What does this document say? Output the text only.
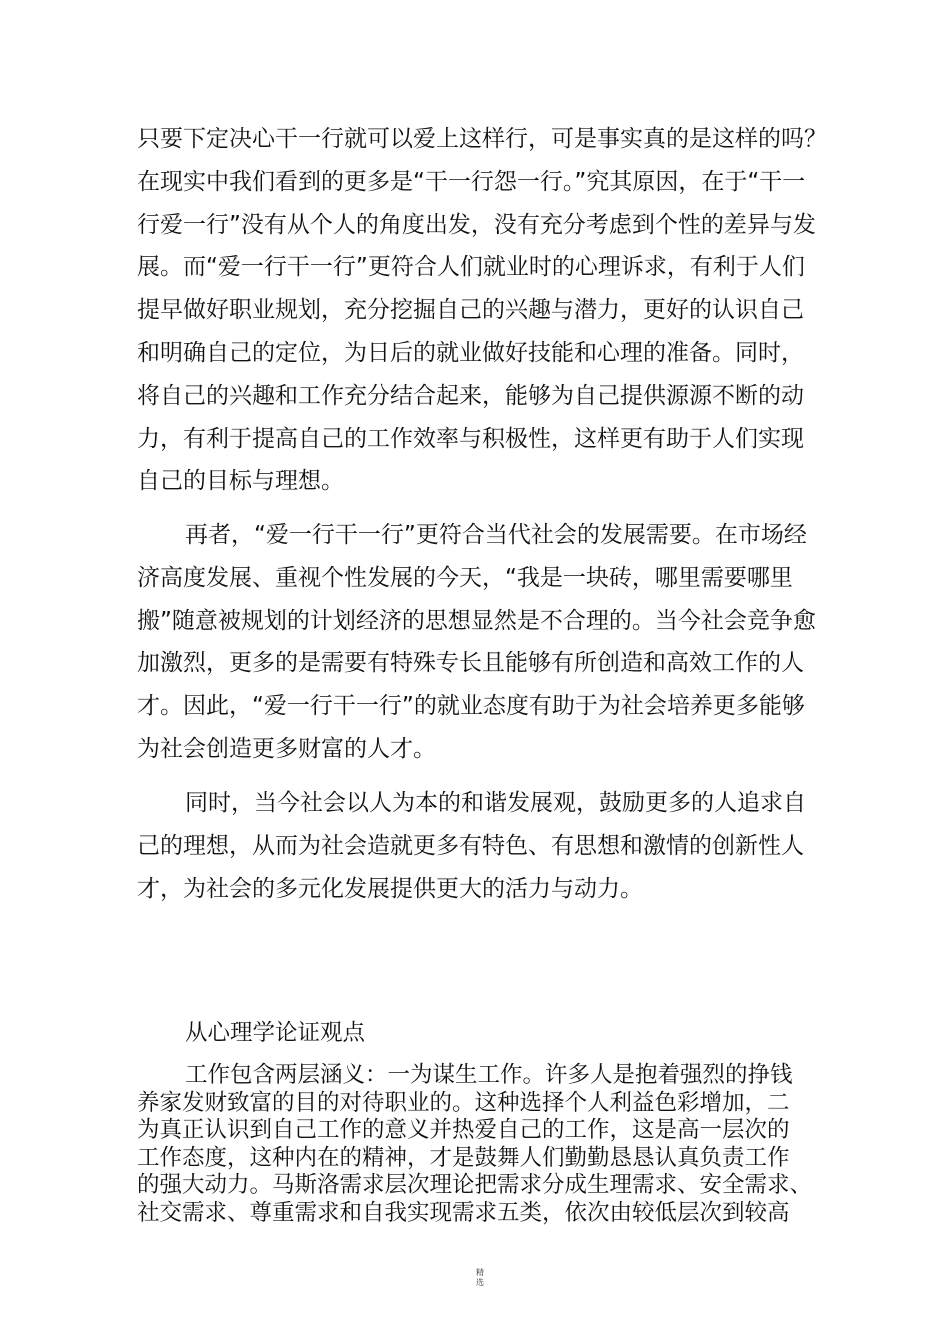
只要下定决心干一行就可以爱上这样行，可是事实真的是这样的吗？
在现实中我们看到的更多是“干一行怨一行。”究其原因，在于“干一
行爱一行”没有从个人的角度出发，没有充分考虑到个性的差异与发
展。而“爱一行干一行”更符合人们就业时的心理诉求，有利于人们
提早做好职业规划，充分挖掘自己的兴趣与潜力，更好的认识自己
和明确自己的定位，为日后的就业做好技能和心理的准备。同时，
将自己的兴趣和工作充分结合起来，能够为自己提供源源不断的动
力，有利于提高自己的工作效率与积极性，这样更有助于人们实现
自己的目标与理想。
再者，“爱一行干一行”更符合当代社会的发展需要。在市场经
济高度发展、重视个性发展的今天，“我是一块砖，哪里需要哪里
搬”随意被规划的计划经济的思想显然是不合理的。当今社会竞争愈
加激烈，更多的是需要有特殊专长且能够有所创造和高效工作的人
才。因此，“爱一行干一行”的就业态度有助于为社会培养更多能够
为社会创造更多财富的人才。
同时，当今社会以人为本的和谐发展观，鼓励更多的人追求自
己的理想，从而为社会造就更多有特色、有思想和激情的创新性人
才，为社会的多元化发展提供更大的活力与动力。

从心理学论证观点

工作包含两层涵义：一为谋生工作。许多人是抱着强烈的挣钱
养家发财致富的目的对待职业的。这种选择个人利益色彩增加，二
为真正认识到自己工作的意义并热爱自己的工作，这是高一层次的
工作态度，这种内在的精神，才是鼓舞人们勤勤恳恳认真负责工作
的强大动力。马斯洛需求层次理论把需求分成生理需求、安全需求、
社交需求、尊重需求和自我实现需求五类，依次由较低层次到较高
精
选
